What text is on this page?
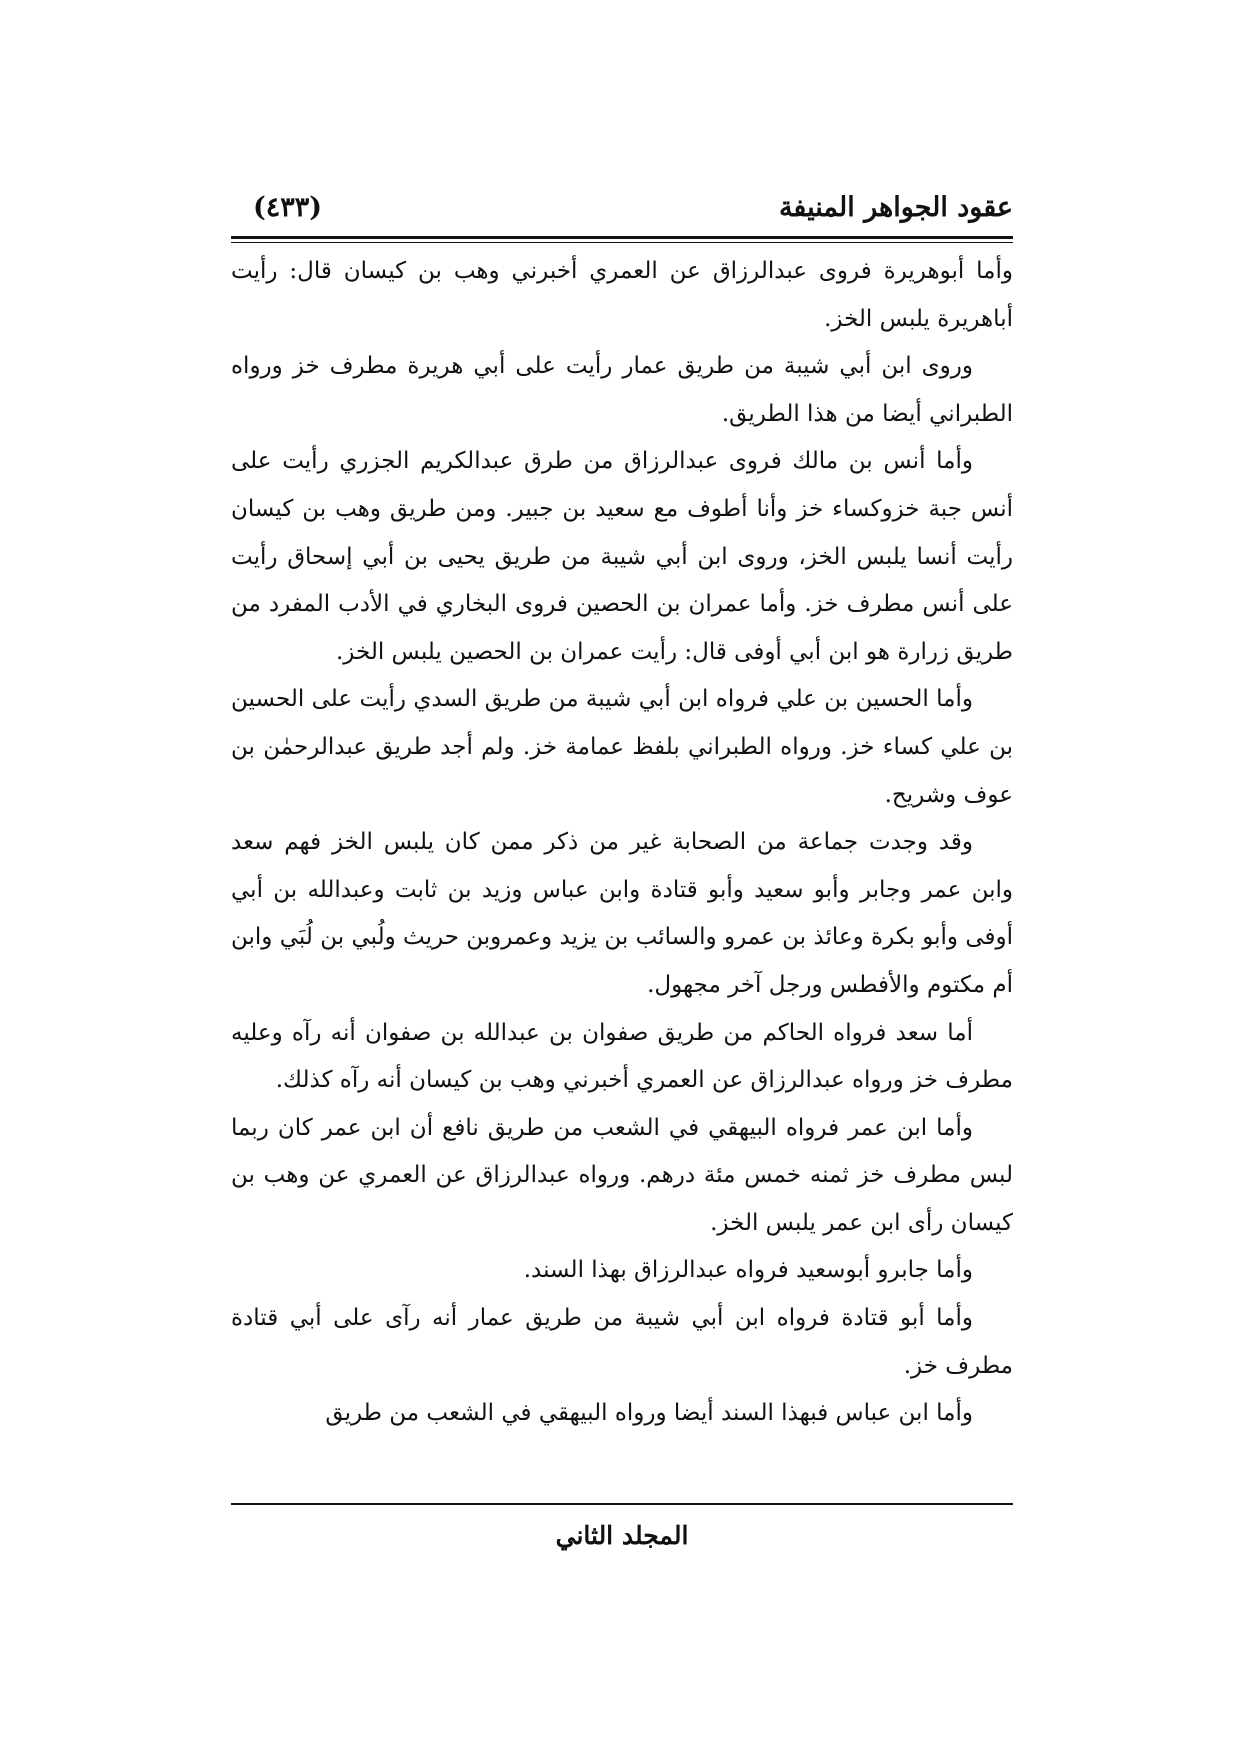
عقود الجواهر المنيفة
(٤٣٣)

وأما أبوهريرة فروى عبدالرزاق عن العمري أخبرني وهب بن كيسان قال: رأيت أباهريرة يلبس الخز.

وروى ابن أبي شيبة من طريق عمار رأيت على أبي هريرة مطرف خز ورواه الطبراني أيضا من هذا الطريق.

وأما أنس بن مالك فروى عبدالرزاق من طرق عبدالكريم الجزري رأيت على أنس جبة خزوكساء خز وأنا أطوف مع سعيد بن جبير. ومن طريق وهب بن كيسان رأيت أنسا يلبس الخز، وروى ابن أبي شيبة من طريق يحيى بن أبي إسحاق رأيت على أنس مطرف خز. وأما عمران بن الحصين فروى البخاري في الأدب المفرد من طريق زرارة هو ابن أبي أوفى قال: رأيت عمران بن الحصين يلبس الخز.

وأما الحسين بن علي فرواه ابن أبي شيبة من طريق السدي رأيت على الحسين بن علي كساء خز. ورواه الطبراني بلفظ عمامة خز. ولم أجد طريق عبدالرحمٰن بن عوف وشريح.

وقد وجدت جماعة من الصحابة غير من ذكر ممن كان يلبس الخز فهم سعد وابن عمر وجابر وأبو سعيد وأبو قتادة وابن عباس وزيد بن ثابت وعبدالله بن أبي أوفى وأبو بكرة وعائذ بن عمرو والسائب بن يزيد وعمروبن حريث ولُبي بن لُبَي وابن أم مكتوم والأفطس ورجل آخر مجهول.

أما سعد فرواه الحاكم من طريق صفوان بن عبدالله بن صفوان أنه رآه وعليه مطرف خز ورواه عبدالرزاق عن العمري أخبرني وهب بن كيسان أنه رآه كذلك.

وأما ابن عمر فرواه البيهقي في الشعب من طريق نافع أن ابن عمر كان ربما لبس مطرف خز ثمنه خمس مئة درهم. ورواه عبدالرزاق عن العمري عن وهب بن كيسان رأى ابن عمر يلبس الخز.

وأما جابرو أبوسعيد فرواه عبدالرزاق بهذا السند.

وأما أبو قتادة فرواه ابن أبي شيبة من طريق عمار أنه رآى على أبي قتادة مطرف خز.

وأما ابن عباس فبهذا السند أيضا ورواه البيهقي في الشعب من طريق

المجلد الثاني
